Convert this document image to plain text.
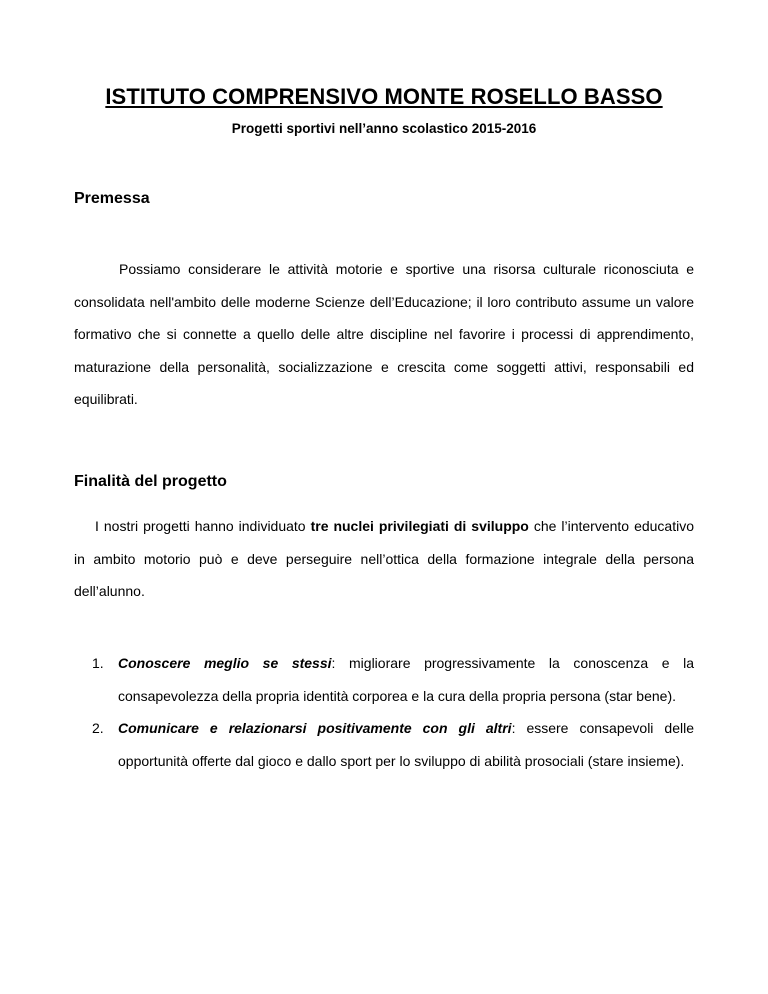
ISTITUTO COMPRENSIVO MONTE ROSELLO BASSO
Progetti sportivi nell’anno scolastico 2015-2016
Premessa
Possiamo considerare le attività motorie e sportive una risorsa culturale riconosciuta e consolidata nell'ambito delle moderne Scienze dell’Educazione; il loro contributo assume un valore formativo che si connette a quello delle altre discipline nel favorire i processi di apprendimento, maturazione della personalità, socializzazione e crescita come soggetti attivi, responsabili ed equilibrati.
Finalità del progetto
I nostri progetti hanno individuato tre nuclei privilegiati di sviluppo che l’intervento educativo in ambito motorio può e deve perseguire nell’ottica della formazione integrale della persona dell’alunno.
1. Conoscere meglio se stessi: migliorare progressivamente la conoscenza e la consapevolezza della propria identità corporea e la cura della propria persona (star bene).
2. Comunicare e relazionarsi positivamente con gli altri: essere consapevoli delle opportunità offerte dal gioco e dallo sport per lo sviluppo di abilità prosociali (stare insieme).
